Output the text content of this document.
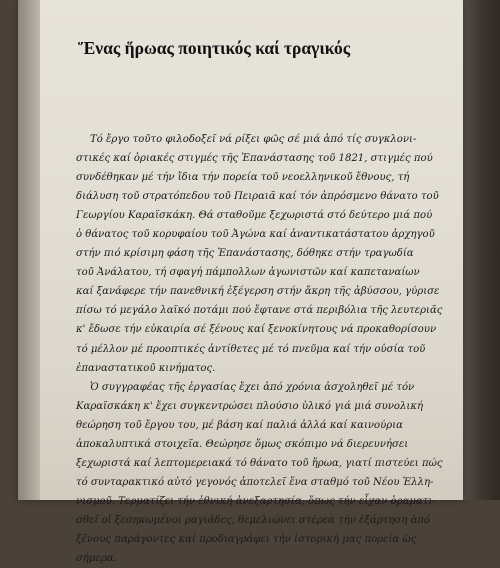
Ἕνας ἥρωας ποιητικός καί τραγικός

Τό ἔργο τοῦτο φιλοδοξεῖ νά ρίξει φῶς σέ μιά ἀπό τίς συγκλονι-
στικές καί ὁριακές στιγμές τῆς Ἐπανάστασης τοῦ 1821, στιγμές πού
συνδέθηκαν μέ τήν ἴδια τήν πορεία τοῦ νεοελληνικοῦ ἔθνους, τή
διάλυση τοῦ στρατόπεδου τοῦ Πειραιᾶ καί τόν ἀπρόσμενο θάνατο τοῦ
Γεωργίου Καραϊσκάκη. Θά σταθοῦμε ξεχωριστά στό δεύτερο μιά πού
ὁ θάνατος τοῦ κορυφαίου τοῦ Ἀγώνα καί ἀναντικατάστατου ἀρχηγοῦ
στήν πιό κρίσιμη φάση τῆς Ἐπανάστασης, δόθηκε στήν τραγωδία
τοῦ Ἀνάλατου, τή σφαγή πάμπολλων ἀγωνιστῶν καί καπεταναίων
καί ξανάφερε τήν πανεθνική ἐξέγερση στήν ἄκρη τῆς ἀβύσσου, γύρισε
πίσω τό μεγάλο λαϊκό ποτάμι πού ἔφτανε στά περιβόλια τῆς λευτεριᾶς
κ' ἔδωσε τήν εὐκαιρία σέ ξένους καί ξενοκίνητους νά προκαθορίσουν
τό μέλλον μέ προοπτικές ἀντίθετες μέ τό πνεῦμα καί τήν οὐσία τοῦ
ἐπαναστατικοῦ κινήματος.

Ὁ συγγραφέας τῆς ἐργασίας ἔχει ἀπό χρόνια ἀσχοληθεῖ μέ τόν
Καραϊσκάκη κ' ἔχει συγκεντρώσει πλούσιο ὑλικό γιά μιά συνολική
θεώρηση τοῦ ἔργου του, μέ βάση καί παλιά ἀλλά καί καινούρια
ἀποκαλυπτικά στοιχεῖα. Θεώρησε ὅμως σκόπιμο νά διερευνήσει
ξεχωριστά καί λεπτομερειακά τό θάνατο τοῦ ἥρωα, γιατί πιστεύει πώς
τό συνταρακτικό αὐτό γεγονός ἀποτελεῖ ἕνα σταθμό τοῦ Νέου Ἑλλη-
νισμοῦ. Τερματίζει τήν ἐθνική ἀνεξαρτησία, ὅπως τήν εἶχαν ὁραματι-
σθεῖ οἱ ξεσηκωμένοι ραγιάδες, θεμελιώνει στέρεα τήν ἐξάρτηση ἀπό
ξένους παράγοντες καί προδιαγράφει τήν ἱστορική μας πορεία ὥς
σήμερα.
